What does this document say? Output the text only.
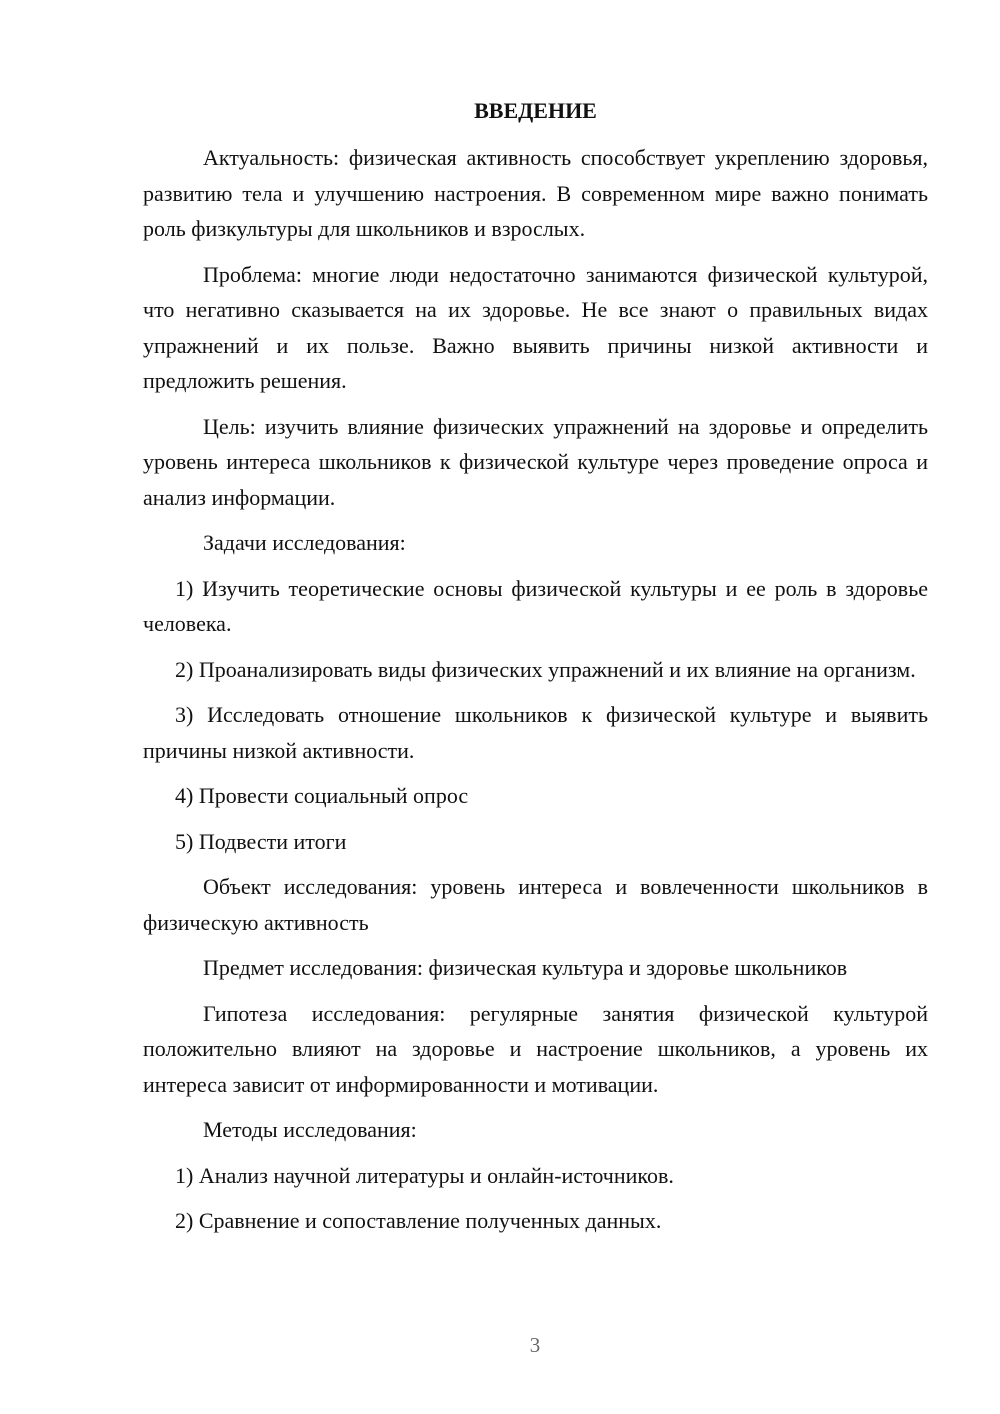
ВВЕДЕНИЕ

Актуальность: физическая активность способствует укреплению здоровья, развитию тела и улучшению настроения. В современном мире важно понимать роль физкультуры для школьников и взрослых.

Проблема: многие люди недостаточно занимаются физической культурой, что негативно сказывается на их здоровье. Не все знают о правильных видах упражнений и их пользе. Важно выявить причины низкой активности и предложить решения.

Цель: изучить влияние физических упражнений на здоровье и определить уровень интереса школьников к физической культуре через проведение опроса и анализ информации.

Задачи исследования:

1) Изучить теоретические основы физической культуры и ее роль в здоровье человека.

2) Проанализировать виды физических упражнений и их влияние на организм.

3) Исследовать отношение школьников к физической культуре и выявить причины низкой активности.

4) Провести социальный опрос

5) Подвести итоги

Объект исследования: уровень интереса и вовлеченности школьников в физическую активность

Предмет исследования: физическая культура и здоровье школьников

Гипотеза исследования: регулярные занятия физической культурой положительно влияют на здоровье и настроение школьников, а уровень их интереса зависит от информированности и мотивации.

Методы исследования:

1) Анализ научной литературы и онлайн-источников.

2) Сравнение и сопоставление полученных данных.

3
